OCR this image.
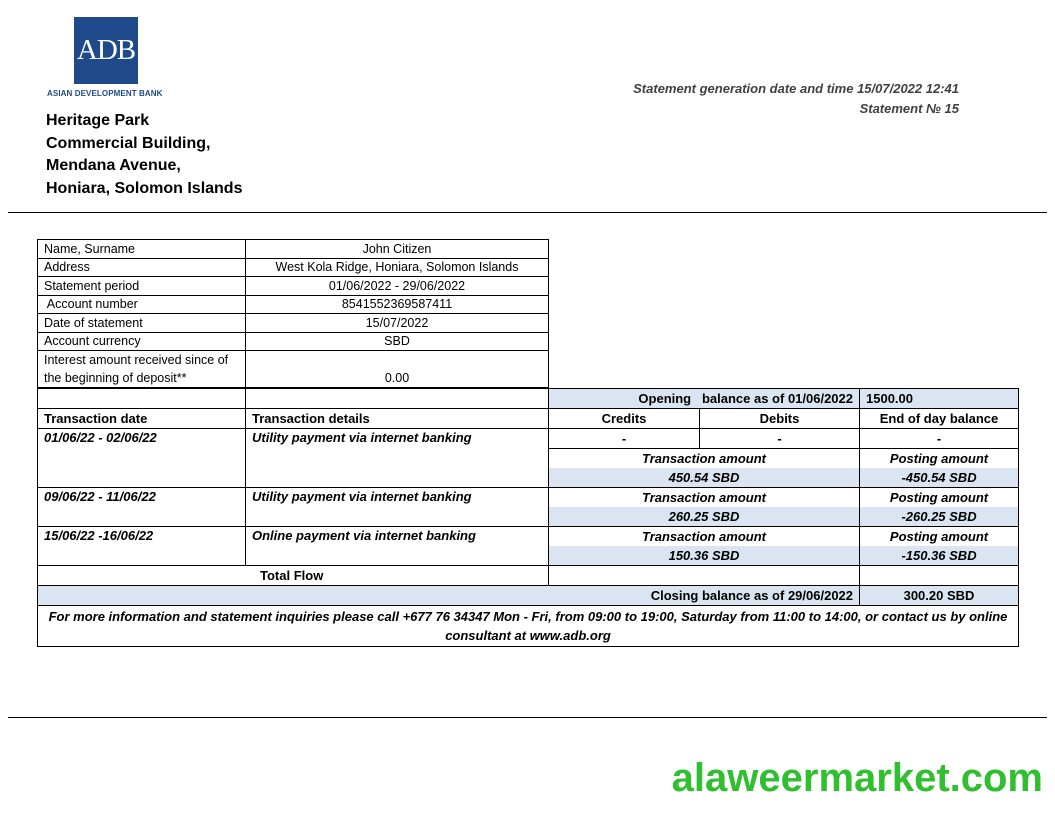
ADB
ASIAN DEVELOPMENT BANK
Heritage Park
Commercial Building,
Mendana Avenue,
Honiara, Solomon Islands
Statement generation date and time 15/07/2022 12:41
Statement № 15
Name, Surname	John Citizen
Address	West Kola Ridge, Honiara, Solomon Islands
Statement period	01/06/2022 - 29/06/2022
Account number	8541552369587411
Date of statement	15/07/2022
Account currency	SBD
Interest amount received since of the beginning of deposit**	0.00
		Opening   balance as of 01/06/2022		1500.00
Transaction date	Transaction details	Credits	Debits	End of day balance
01/06/22 - 02/06/22	Utility payment via internet banking	-	-	-
		Transaction amount		Posting amount
		450.54 SBD		-450.54 SBD
09/06/22 - 11/06/22	Utility payment via internet banking	Transaction amount		Posting amount
		260.25 SBD		-260.25 SBD
15/06/22 -16/06/22	Online payment via internet banking	Transaction amount		Posting amount
		150.36 SBD		-150.36 SBD
Total Flow				
Closing balance as of 29/06/2022				300.20 SBD
For more information and statement inquiries please call +677 76 34347 Mon - Fri, from 09:00 to 19:00, Saturday from 11:00 to 14:00, or contact us by online consultant at www.adb.org				
alaweermarket.com
